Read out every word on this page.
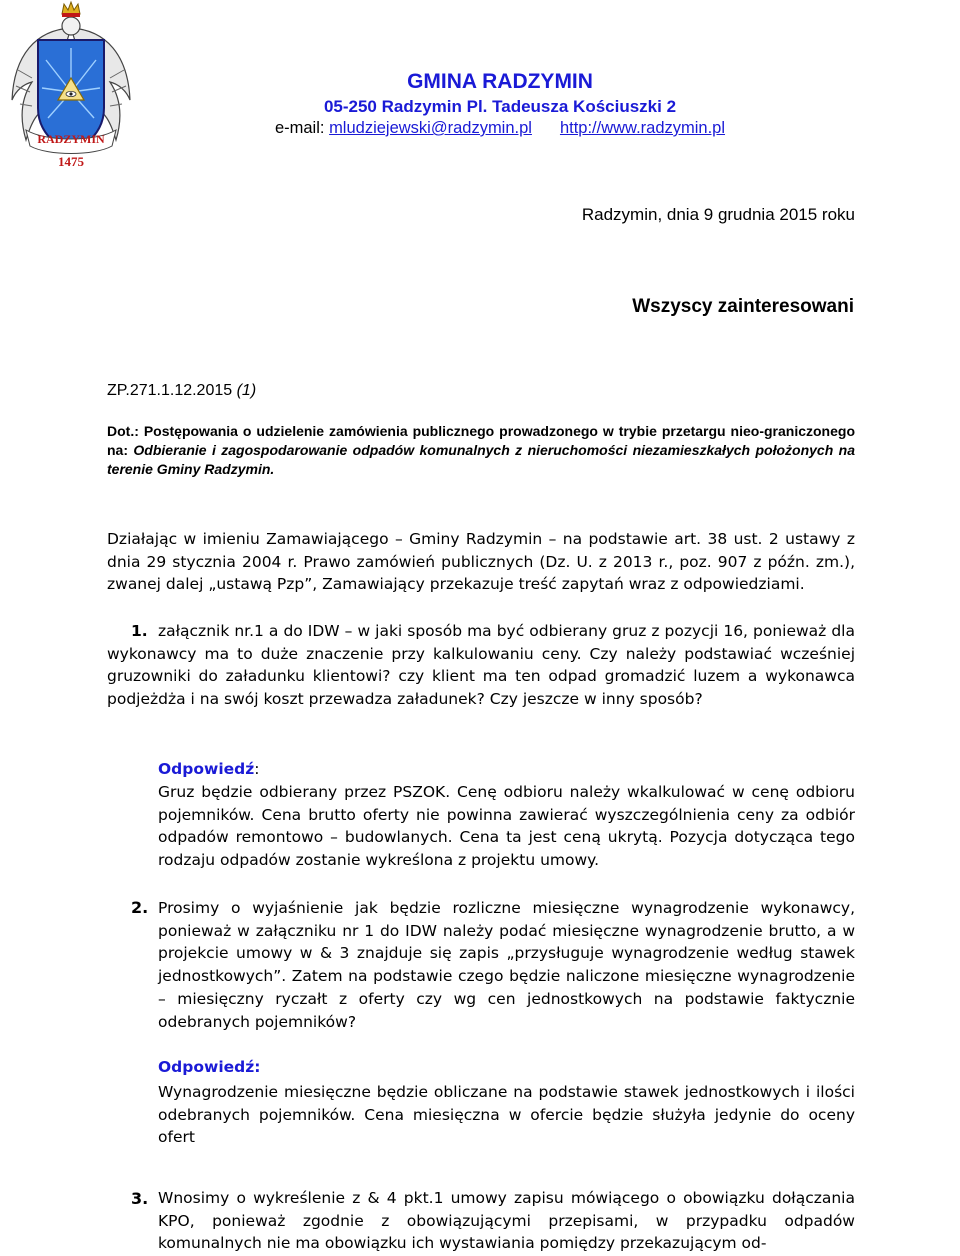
RADZYMIN
1475
GMINA RADZYMIN
05-250 Radzymin Pl. Tadeusza Kościuszki 2
e-mail: mludziejewski@radzymin.pl http://www.radzymin.pl
Radzymin, dnia 9 grudnia 2015 roku
Wszyscy zainteresowani
ZP.271.1.12.2015 (1)
Dot.: Postępowania o udzielenie zamówienia publicznego prowadzonego w trybie przetargu nieo-graniczonego na: Odbieranie i zagospodarowanie odpadów komunalnych z nieruchomości niezamieszkałych położonych na terenie Gminy Radzymin.
Działając w imieniu Zamawiającego – Gminy Radzymin – na podstawie art. 38 ust. 2 ustawy z dnia 29 stycznia 2004 r. Prawo zamówień publicznych (Dz. U. z 2013 r., poz. 907 z późn. zm.), zwanej dalej „ustawą Pzp”, Zamawiający przekazuje treść zapytań wraz z odpowiedziami.
1. załącznik nr.1 a do IDW – w jaki sposób ma być odbierany gruz z pozycji 16, ponieważ dla wykonawcy ma to duże znaczenie przy kalkulowaniu ceny. Czy należy podstawiać wcześniej gruzowniki do załadunku klientowi? czy klient ma ten odpad gromadzić luzem a wykonawca podjeżdża i na swój koszt przewadza załadunek? Czy jeszcze w inny sposób?
Odpowiedź:
Gruz będzie odbierany przez PSZOK. Cenę odbioru należy wkalkulować w cenę odbioru pojemników. Cena brutto oferty nie powinna zawierać wyszczególnienia ceny za odbiór odpadów remontowo – budowlanych. Cena ta jest ceną ukrytą. Pozycja dotycząca tego rodzaju odpadów zostanie wykreślona z projektu umowy.
2. Prosimy o wyjaśnienie jak będzie rozliczne miesięczne wynagrodzenie wykonawcy, ponieważ w załączniku nr 1 do IDW należy podać miesięczne wynagrodzenie brutto, a w projekcie umowy w & 3 znajduje się zapis „przysługuje wynagrodzenie według stawek jednostkowych”. Zatem na podstawie czego będzie naliczone miesięczne wynagrodzenie – miesięczny ryczałt z oferty czy wg cen jednostkowych na podstawie faktycznie odebranych pojemników?
Odpowiedź:
Wynagrodzenie miesięczne będzie obliczane na podstawie stawek jednostkowych i ilości odebranych pojemników. Cena miesięczna w ofercie będzie służyła jedynie do oceny ofert
3. Wnosimy o wykreślenie z & 4 pkt.1 umowy zapisu mówiącego o obowiązku dołączania KPO, ponieważ zgodnie z obowiązującymi przepisami, w przypadku odpadów komunalnych nie ma obowiązku ich wystawiania pomiędzy przekazującym od-
